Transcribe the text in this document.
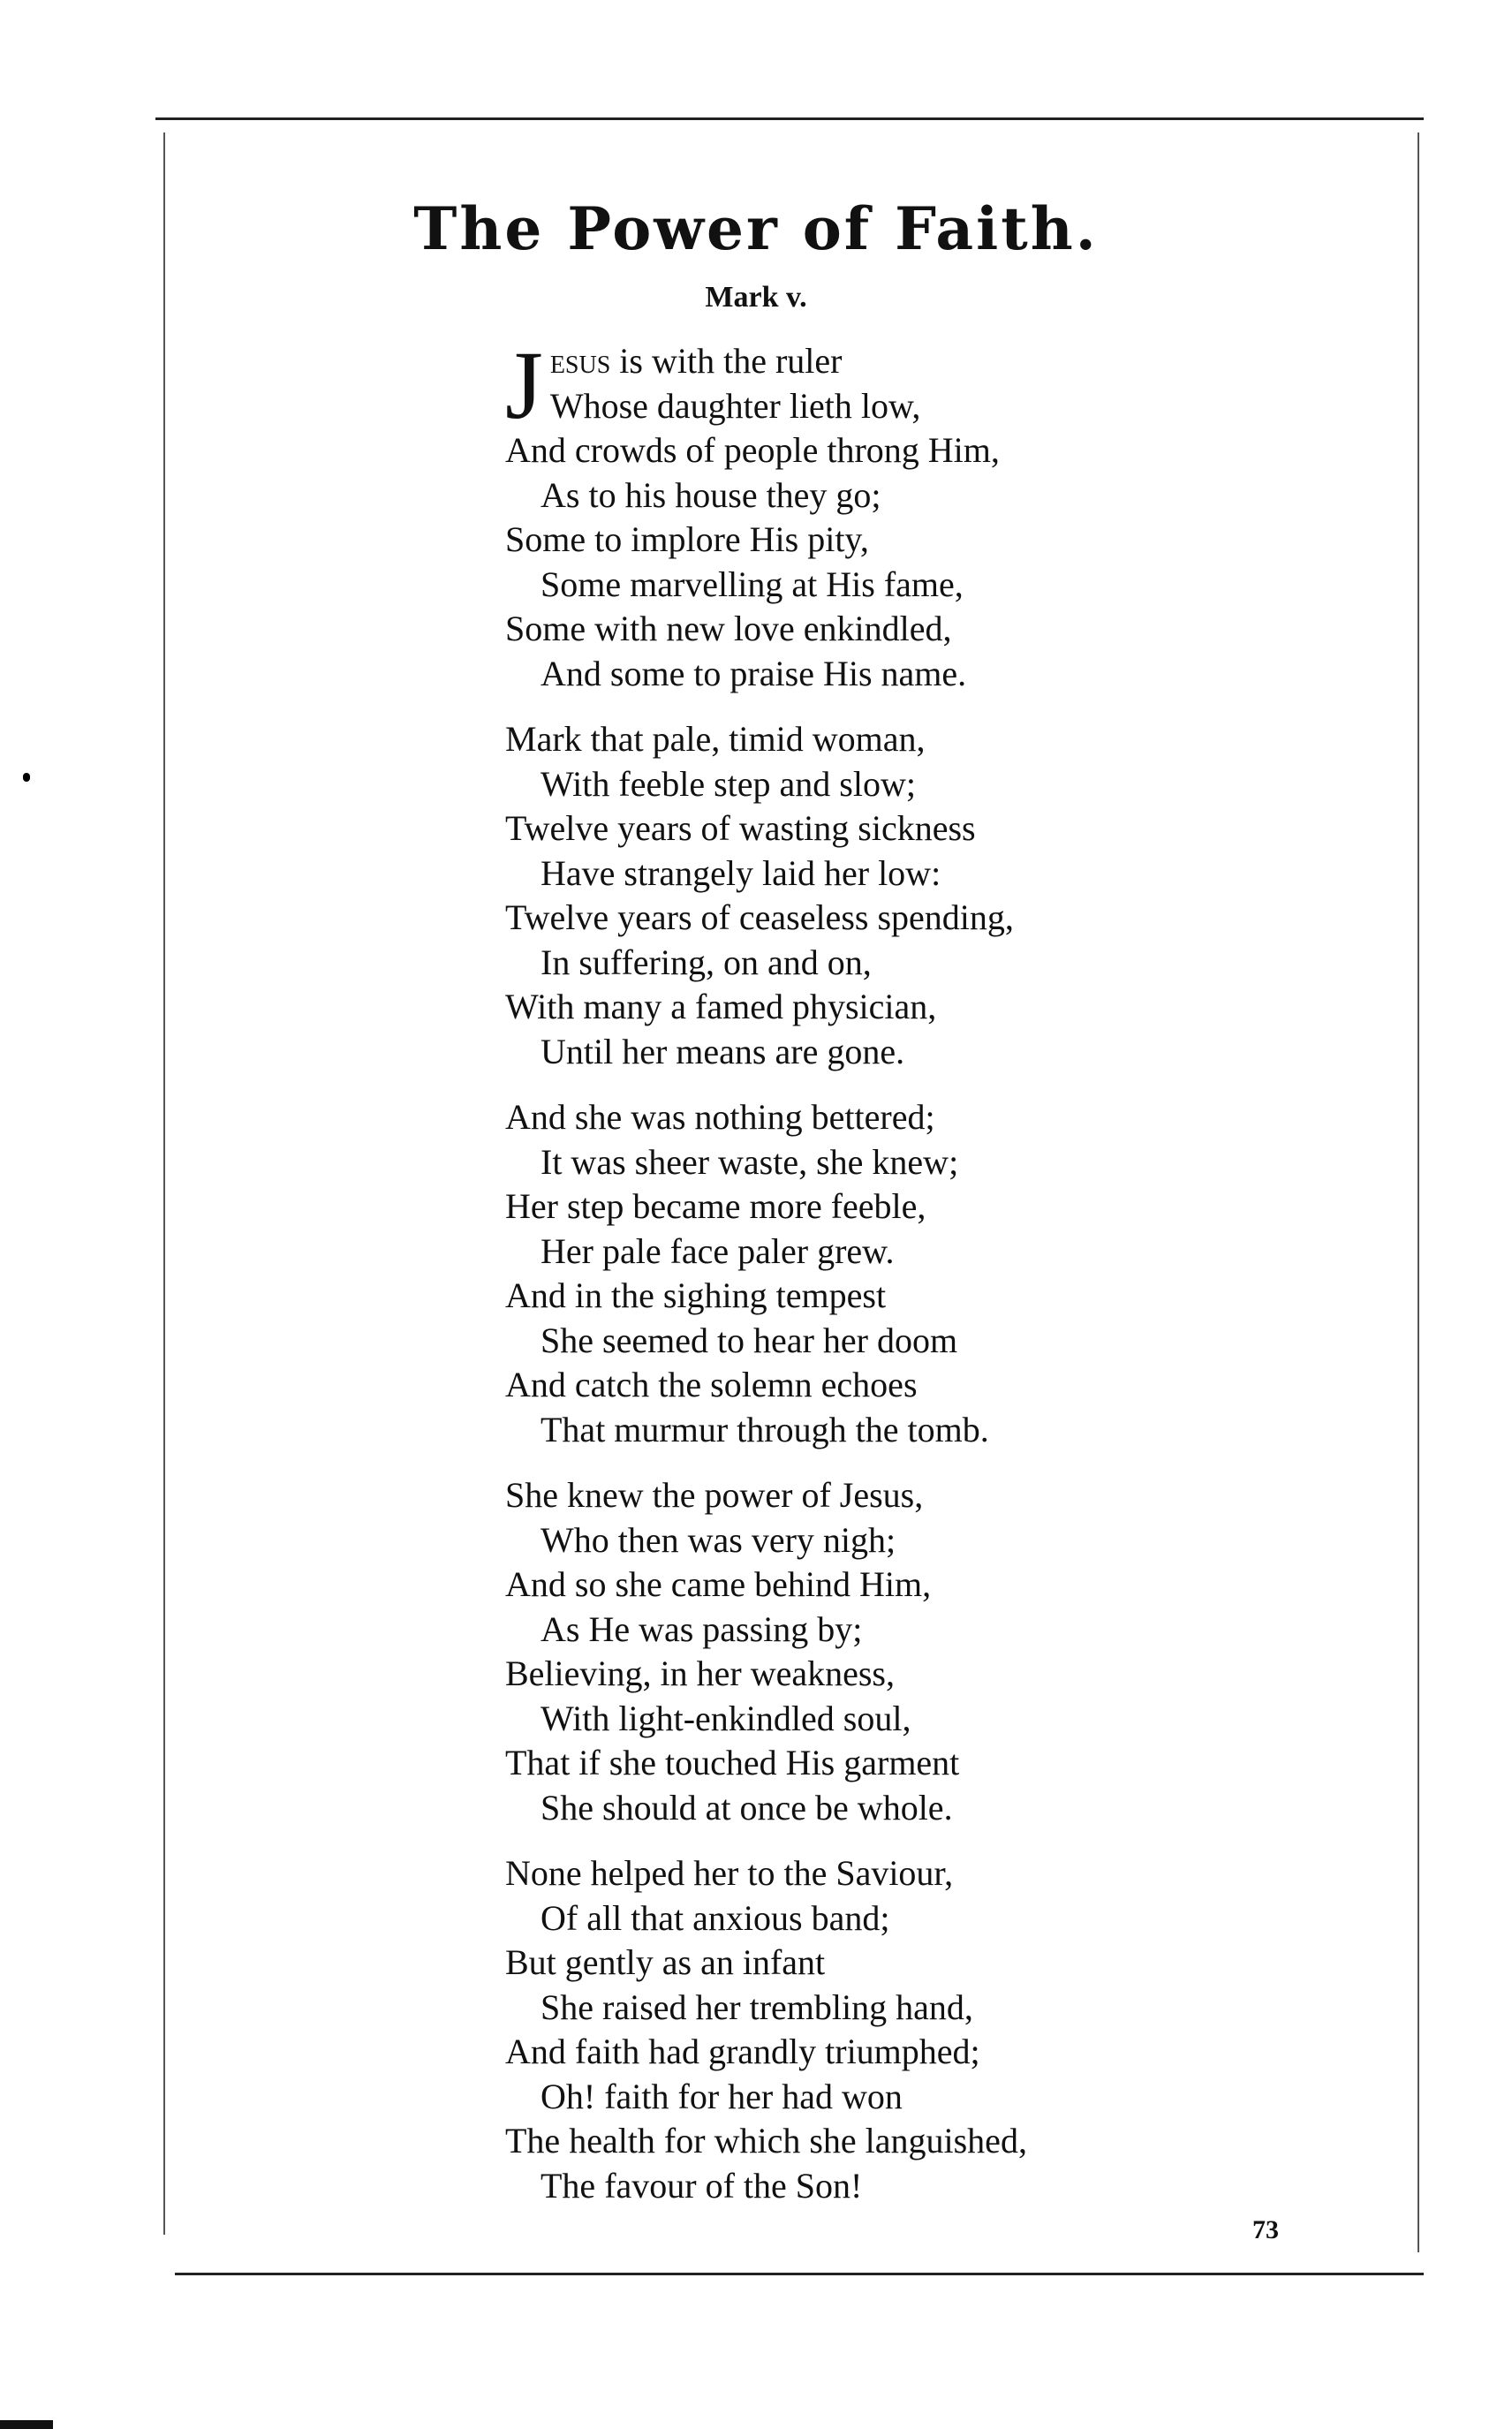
The Power of Faith.
Mark v.
Jesus is with the ruler
Whose daughter lieth low,
And crowds of people throng Him,
As to his house they go;
Some to implore His pity,
Some marvelling at His fame,
Some with new love enkindled,
And some to praise His name.
Mark that pale, timid woman,
With feeble step and slow;
Twelve years of wasting sickness
Have strangely laid her low:
Twelve years of ceaseless spending,
In suffering, on and on,
With many a famed physician,
Until her means are gone.
And she was nothing bettered;
It was sheer waste, she knew;
Her step became more feeble,
Her pale face paler grew.
And in the sighing tempest
She seemed to hear her doom
And catch the solemn echoes
That murmur through the tomb.
She knew the power of Jesus,
Who then was very nigh;
And so she came behind Him,
As He was passing by;
Believing, in her weakness,
With light-enkindled soul,
That if she touched His garment
She should at once be whole.
None helped her to the Saviour,
Of all that anxious band;
But gently as an infant
She raised her trembling hand,
And faith had grandly triumphed;
Oh! faith for her had won
The health for which she languished,
The favour of the Son!
73
